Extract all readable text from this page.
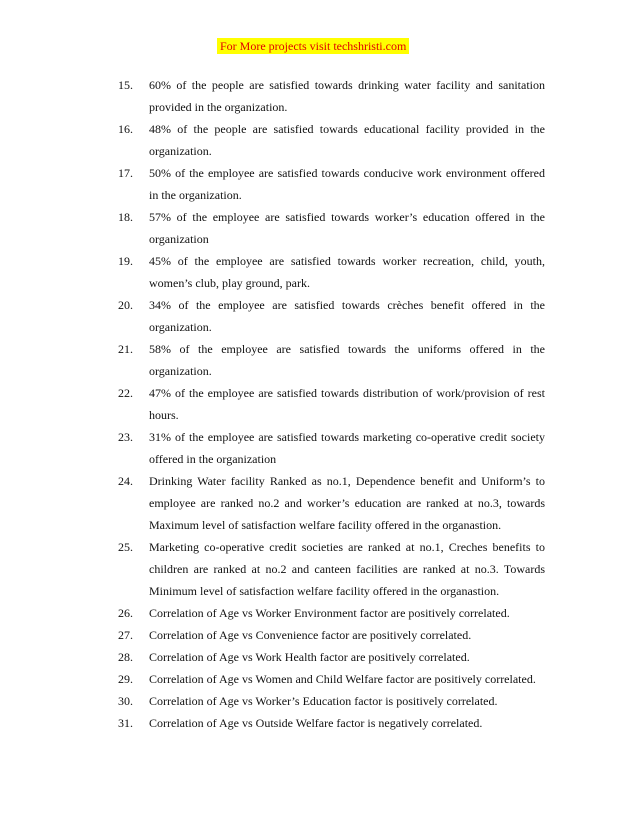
For More projects visit techshristi.com
15.	60% of the people are satisfied towards drinking water facility and sanitation provided in the organization.
16.	48% of the people are satisfied towards educational facility provided in the organization.
17.	50% of the employee are satisfied towards conducive work environment offered in the organization.
18.	57% of the employee are satisfied towards worker’s education offered in the organization
19.	45% of the employee are satisfied towards worker recreation, child, youth, women’s club, play ground, park.
20.	34% of the employee are satisfied towards crèches benefit offered in the organization.
21.	58% of the employee are satisfied towards the uniforms offered in the organization.
22.	47% of the employee are satisfied towards distribution of work/provision of rest hours.
23.	31% of the employee are satisfied towards marketing co-operative credit society offered in the organization
24.	Drinking Water facility Ranked as no.1, Dependence benefit and Uniform’s to employee are ranked no.2 and worker’s education are ranked at no.3, towards Maximum level of satisfaction welfare facility offered in the organastion.
25.	Marketing co-operative credit societies are ranked at no.1, Creches benefits to children are ranked at no.2 and canteen facilities are ranked at no.3. Towards Minimum level of satisfaction welfare facility offered in the organastion.
26.	Correlation of Age vs Worker Environment factor are positively correlated.
27.	Correlation of Age vs Convenience factor are positively correlated.
28.	Correlation of Age vs Work Health factor are positively correlated.
29.	Correlation of Age vs Women and Child Welfare factor are positively correlated.
30.	Correlation of Age vs Worker’s Education factor is positively correlated.
31.	Correlation of Age vs Outside Welfare factor is negatively correlated.
